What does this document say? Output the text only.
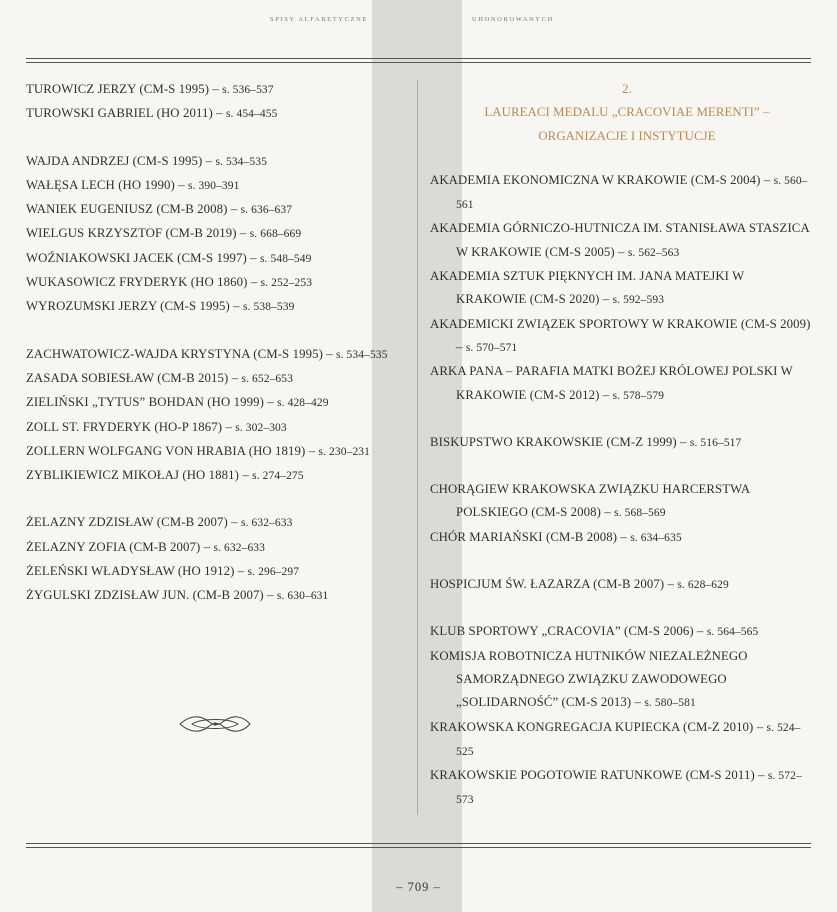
SPISY ALFABETYCZNE	UHONOROWANYCH
TUROWICZ JERZY (CM-S 1995) – s. 536–537
TUROWSKI GABRIEL (HO 2011) – s. 454–455
WAJDA ANDRZEJ (CM-S 1995) – s. 534–535
WAŁĘSA LECH (HO 1990) – s. 390–391
WANIEK EUGENIUSZ (CM-B 2008) – s. 636–637
WIELGUS KRZYSZTOF (CM-B 2019) – s. 668–669
WOŹNIAKOWSKI JACEK (CM-S 1997) – s. 548–549
WUKASOWICZ FRYDERYK (HO 1860) – s. 252–253
WYROZUMSKI JERZY (CM-S 1995) – s. 538–539
ZACHWATOWICZ-WAJDA KRYSTYNA (CM-S 1995) – s. 534–535
ZASADA SOBIESŁAW (CM-B 2015) – s. 652–653
ZIELIŃSKI „TYTUS” BOHDAN (HO 1999) – s. 428–429
ZOLL ST. FRYDERYK (HO-P 1867) – s. 302–303
ZOLLERN WOLFGANG VON HRABIA (HO 1819) – s. 230–231
ZYBLIKIEWICZ MIKOŁAJ (HO 1881) – s. 274–275
ŻELAZNY ZDZISŁAW (CM-B 2007) – s. 632–633
ŻELAZNY ZOFIA (CM-B 2007) – s. 632–633
ŻELEŃSKI WŁADYSŁAW (HO 1912) – s. 296–297
ŻYGULSKI ZDZISŁAW JUN. (CM-B 2007) – s. 630–631
2.
LAUREACI MEDALU „CRACOVIAE MERENTI” –
ORGANIZACJE I INSTYTUCJE
AKADEMIA EKONOMICZNA W KRAKOWIE (CM-S 2004) – s. 560–561
AKADEMIA GÓRNICZO-HUTNICZA IM. STANISŁAWA STASZICA W KRAKOWIE (CM-S 2005) – s. 562–563
AKADEMIA SZTUK PIĘKNYCH IM. JANA MATEJKI W KRAKOWIE (CM-S 2020) – s. 592–593
AKADEMICKI ZWIĄZEK SPORTOWY W KRAKOWIE (CM-S 2009) – s. 570–571
ARKA PANA – PARAFIA MATKI BOŻEJ KRÓLOWEJ POLSKI W KRAKOWIE (CM-S 2012) – s. 578–579
BISKUPSTWO KRAKOWSKIE (CM-Z 1999) – s. 516–517
CHORĄGIEW KRAKOWSKA ZWIĄZKU HARCERSTWA POLSKIEGO (CM-S 2008) – s. 568–569
CHÓR MARIAŃSKI (CM-B 2008) – s. 634–635
HOSPICJUM ŚW. ŁAZARZA (CM-B 2007) – s. 628–629
KLUB SPORTOWY „CRACOVIA” (CM-S 2006) – s. 564–565
KOMISJA ROBOTNICZA HUTNIKÓW NIEZALEŻNEGO SAMORZĄDNEGO ZWIĄZKU ZAWODOWEGO „SOLIDARNOŚĆ” (CM-S 2013) – s. 580–581
KRAKOWSKA KONGREGACJA KUPIECKA (CM-Z 2010) – s. 524–525
KRAKOWSKIE POGOTOWIE RATUNKOWE (CM-S 2011) – s. 572–573
– 709 –
